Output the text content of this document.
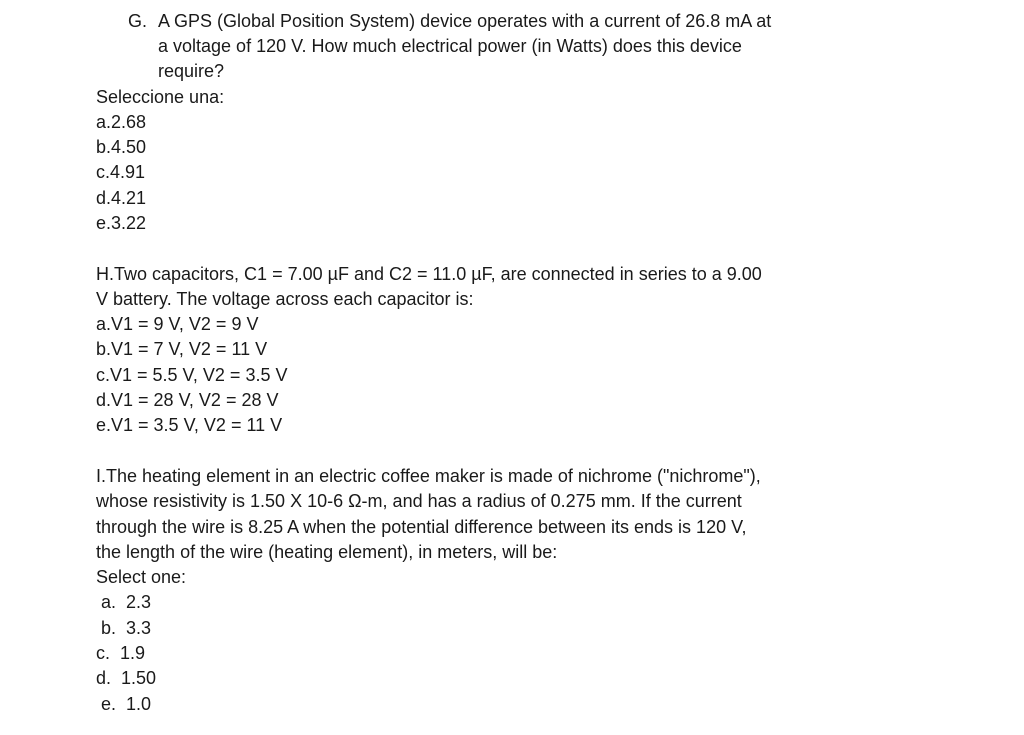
G. A GPS (Global Position System) device operates with a current of 26.8 mA at
a voltage of 120 V. How much electrical power (in Watts) does this device
require?
Seleccione una:
a.2.68
b.4.50
c.4.91
d.4.21
e.3.22
H.Two capacitors, C1 = 7.00 µF and C2 = 11.0 µF, are connected in series to a 9.00
V battery. The voltage across each capacitor is:
a.V1 = 9 V, V2 = 9 V
b.V1 = 7 V, V2 = 11 V
c.V1 = 5.5 V, V2 = 3.5 V
d.V1 = 28 V, V2 = 28 V
e.V1 = 3.5 V, V2 = 11 V
I.The heating element in an electric coffee maker is made of nichrome ("nichrome"),
whose resistivity is 1.50 X 10-6 Ω-m, and has a radius of 0.275 mm. If the current
through the wire is 8.25 A when the potential difference between its ends is 120 V,
the length of the wire (heating element), in meters, will be:
Select one:
a.  2.3
b.  3.3
c.  1.9
d.  1.50
e.  1.0
